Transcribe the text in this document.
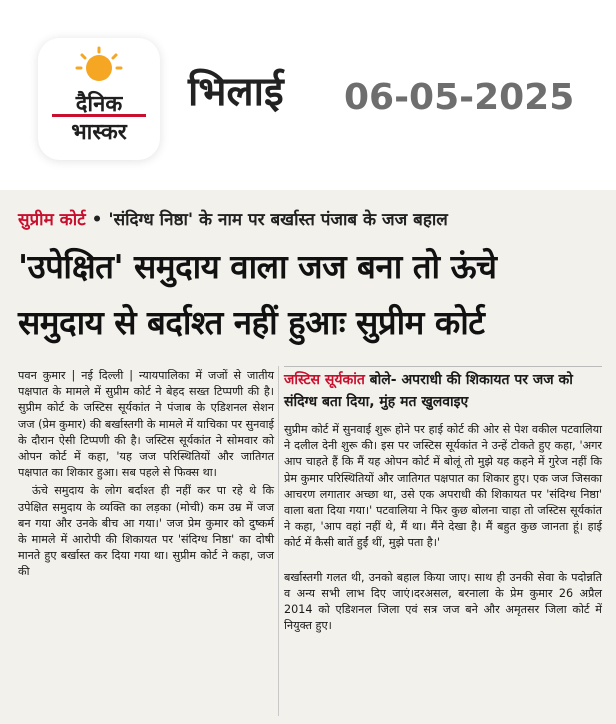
दैनिक
भास्कर
भिलाई 06-05-2025
सुप्रीम कोर्ट • 'संदिग्ध निष्ठा' के नाम पर बर्खास्त पंजाब के जज बहाल
'उपेक्षित' समुदाय वाला जज बना तो ऊंचे
समुदाय से बर्दाश्त नहीं हुआः सुप्रीम कोर्ट

पवन कुमार | नई दिल्ली | न्यायपालिका में जजों से जातीय पक्षपात के मामले में सुप्रीम कोर्ट ने बेहद सख्त टिप्पणी की है। सुप्रीम कोर्ट के जस्टिस सूर्यकांत ने पंजाब के एडिशनल सेशन जज (प्रेम कुमार) की बर्खास्तगी के मामले में याचिका पर सुनवाई के दौरान ऐसी टिप्पणी की है। जस्टिस सूर्यकांत ने सोमवार को ओपन कोर्ट में कहा, 'यह जज परिस्थितियों और जातिगत पक्षपात का शिकार हुआ। सब पहले से फिक्स था।

ऊंचे समुदाय के लोग बर्दाश्त ही नहीं कर पा रहे थे कि उपेक्षित समुदाय के व्यक्ति का लड़का (मोची) कम उम्र में जज बन गया और उनके बीच आ गया।' जज प्रेम कुमार को दुष्कर्म के मामले में आरोपी की शिकायत पर 'संदिग्ध निष्ठा' का दोषी मानते हुए बर्खास्त कर दिया गया था। सुप्रीम कोर्ट ने कहा, जज की

जस्टिस सूर्यकांत बोले- अपराधी की शिकायत पर जज को संदिग्ध बता दिया, मुंह मत खुलवाइए

सुप्रीम कोर्ट में सुनवाई शुरू होने पर हाई कोर्ट की ओर से पेश वकील पटवालिया ने दलील देनी शुरू की। इस पर जस्टिस सूर्यकांत ने उन्हें टोकते हुए कहा, 'अगर आप चाहते हैं कि मैं यह ओपन कोर्ट में बोलूं तो मुझे यह कहने में गुरेज नहीं कि प्रेम कुमार परिस्थितियों और जातिगत पक्षपात का शिकार हुए। एक जज जिसका आचरण लगातार अच्छा था, उसे एक अपराधी की शिकायत पर 'संदिग्ध निष्ठा' वाला बता दिया गया।' पटवालिया ने फिर कुछ बोलना चाहा तो जस्टिस सूर्यकांत ने कहा, 'आप वहां नहीं थे, मैं था। मैंने देखा है। मैं बहुत कुछ जानता हूं। हाई कोर्ट में कैसी बातें हुईं थीं, मुझे पता है।'

बर्खास्तगी गलत थी, उनको बहाल किया जाए। साथ ही उनकी सेवा के पदोन्नति व अन्य सभी लाभ दिए जाएं।दरअसल, बरनाला के प्रेम कुमार 26 अप्रैल 2014 को एडिशनल जिला एवं सत्र जज बने और अमृतसर जिला कोर्ट में नियुक्त हुए।
